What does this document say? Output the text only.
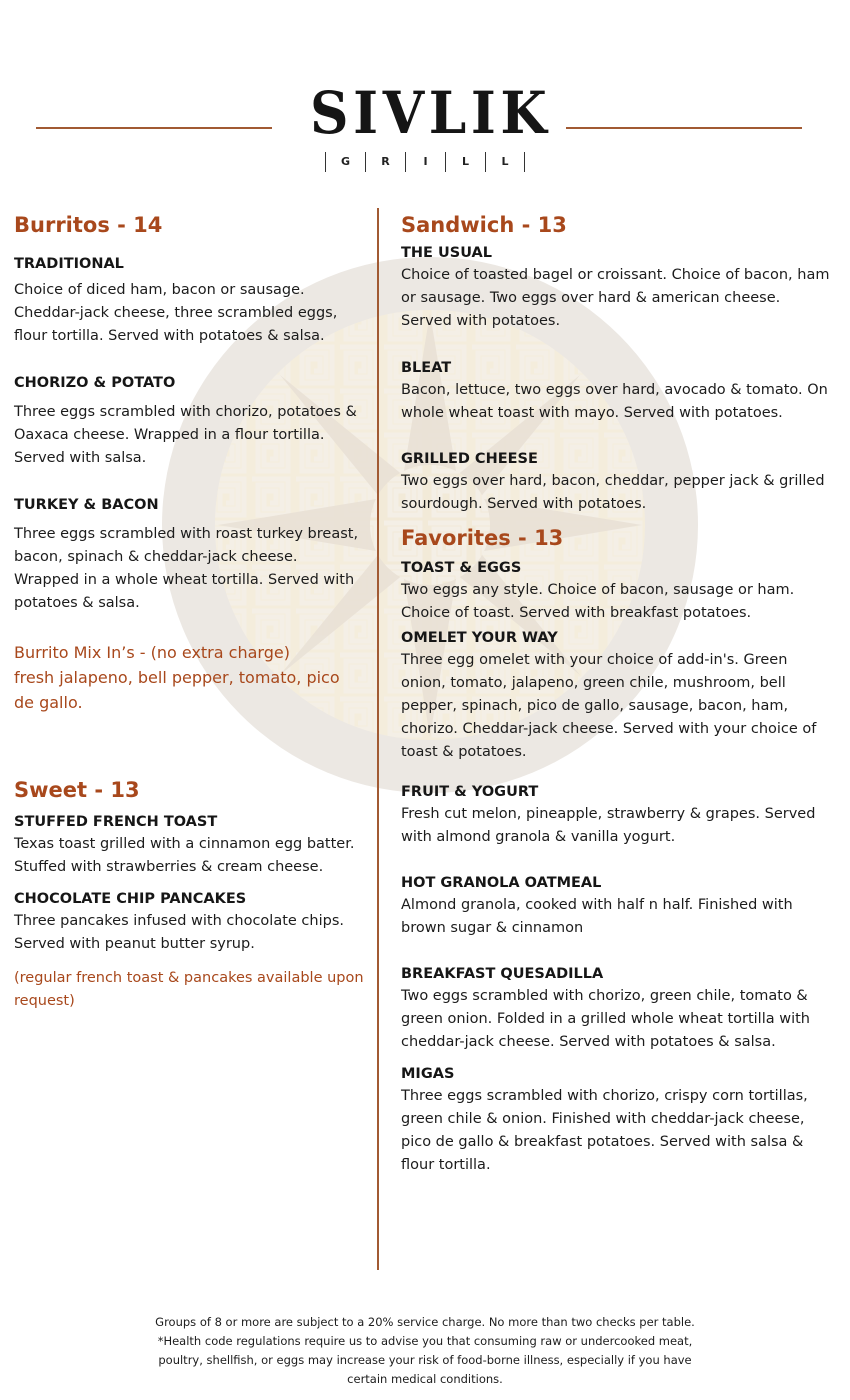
SIVLIK
G	R	I	L	L
Burritos - 14
TRADITIONAL
Choice of diced ham, bacon or sausage. Cheddar-jack cheese, three scrambled eggs, flour tortilla. Served with potatoes & salsa.
CHORIZO & POTATO
Three eggs scrambled with chorizo, potatoes & Oaxaca cheese. Wrapped in a flour tortilla. Served with salsa.
TURKEY & BACON
Three eggs scrambled with roast turkey breast, bacon, spinach & cheddar-jack cheese. Wrapped in a whole wheat tortilla. Served with potatoes & salsa.
Burrito Mix In’s - (no extra charge)
fresh jalapeno, bell pepper, tomato, pico de gallo.
Sweet - 13
STUFFED FRENCH TOAST
Texas toast grilled with a cinnamon egg batter. Stuffed with strawberries & cream cheese.
CHOCOLATE CHIP PANCAKES
Three pancakes infused with chocolate chips. Served with peanut butter syrup.
(regular french toast & pancakes available upon request)
Sandwich - 13
THE USUAL
Choice of toasted bagel or croissant. Choice of bacon, ham or sausage. Two eggs over hard & american cheese. Served with potatoes.
BLEAT
Bacon, lettuce, two eggs over hard, avocado & tomato. On whole wheat toast with mayo. Served with potatoes.
GRILLED CHEESE
Two eggs over hard, bacon, cheddar, pepper jack & grilled sourdough. Served with potatoes.
Favorites - 13
TOAST & EGGS
Two eggs any style. Choice of bacon, sausage or ham. Choice of toast. Served with breakfast potatoes.
OMELET YOUR WAY
Three egg omelet with your choice of add-in's. Green onion, tomato, jalapeno, green chile, mushroom, bell pepper, spinach, pico de gallo, sausage, bacon, ham, chorizo. Cheddar-jack cheese. Served with your choice of toast & potatoes.
FRUIT & YOGURT
Fresh cut melon, pineapple, strawberry & grapes. Served with almond granola & vanilla yogurt.
HOT GRANOLA OATMEAL
Almond granola, cooked with half n half. Finished with brown sugar & cinnamon
BREAKFAST QUESADILLA
Two eggs scrambled with chorizo, green chile, tomato & green onion. Folded in a grilled whole wheat tortilla with cheddar-jack cheese. Served with potatoes & salsa.
MIGAS
Three eggs scrambled with chorizo, crispy corn tortillas, green chile & onion. Finished with cheddar-jack cheese, pico de gallo & breakfast potatoes. Served with salsa & flour tortilla.
Groups of 8 or more are subject to a 20% service charge. No more than two checks per table.
*Health code regulations require us to advise you that consuming raw or undercooked meat,
poultry, shellfish, or eggs may increase your risk of food-borne illness, especially if you have
certain medical conditions.
